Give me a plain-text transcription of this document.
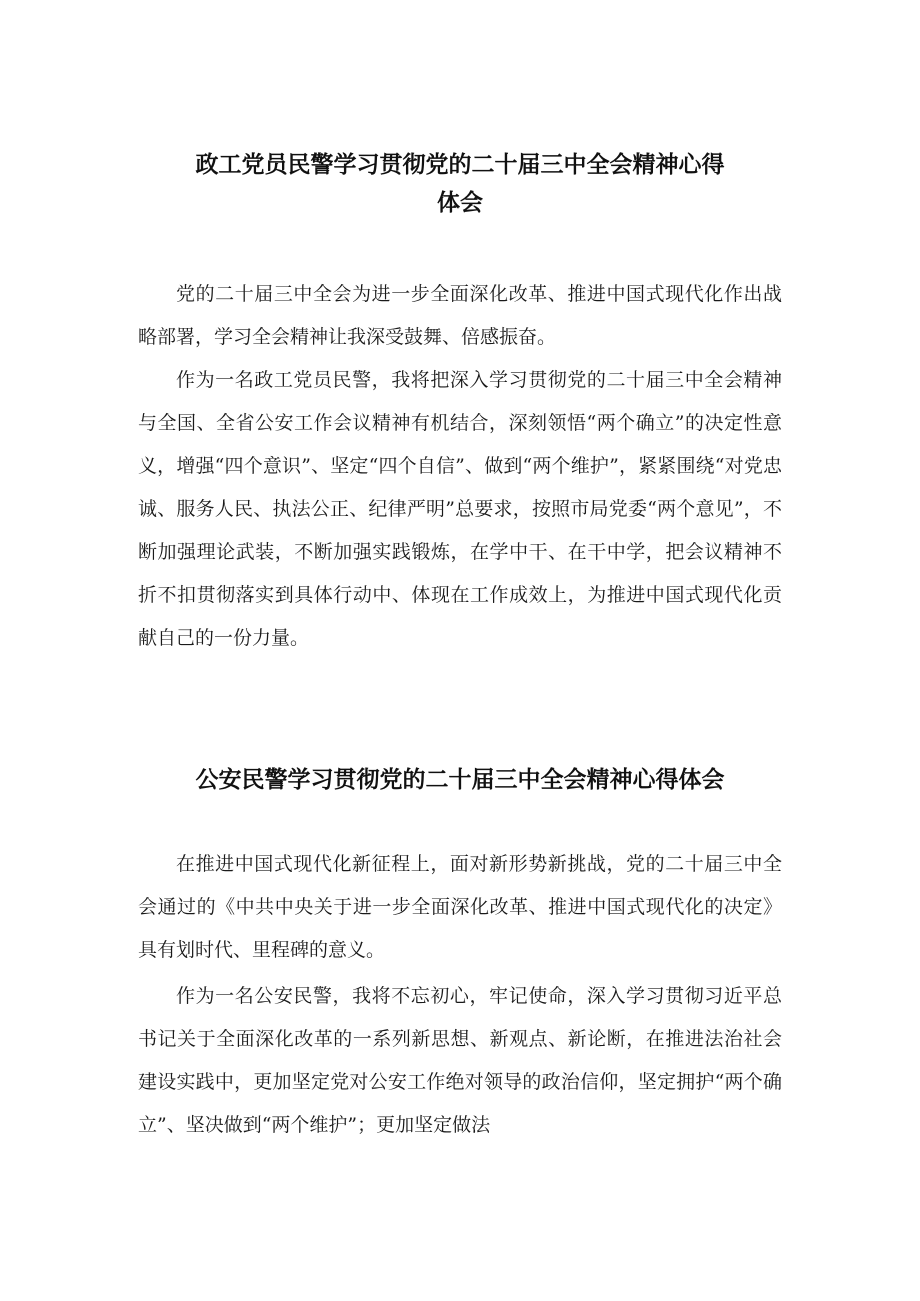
政工党员民警学习贯彻党的二十届三中全会精神心得
体会

党的二十届三中全会为进一步全面深化改革、推进中国式现代化作出战略部署，学习全会精神让我深受鼓舞、倍感振奋。

作为一名政工党员民警，我将把深入学习贯彻党的二十届三中全会精神与全国、全省公安工作会议精神有机结合，深刻领悟“两个确立”的决定性意义，增强“四个意识”、坚定“四个自信”、做到“两个维护”，紧紧围绕“对党忠诚、服务人民、执法公正、纪律严明”总要求，按照市局党委“两个意见”，不断加强理论武装，不断加强实践锻炼，在学中干、在干中学，把会议精神不折不扣贯彻落实到具体行动中、体现在工作成效上，为推进中国式现代化贡献自己的一份力量。

公安民警学习贯彻党的二十届三中全会精神心得体会

在推进中国式现代化新征程上，面对新形势新挑战，党的二十届三中全会通过的《中共中央关于进一步全面深化改革、推进中国式现代化的决定》具有划时代、里程碑的意义。

作为一名公安民警，我将不忘初心，牢记使命，深入学习贯彻习近平总书记关于全面深化改革的一系列新思想、新观点、新论断，在推进法治社会建设实践中，更加坚定党对公安工作绝对领导的政治信仰，坚定拥护“两个确立”、坚决做到“两个维护”；更加坚定做法
